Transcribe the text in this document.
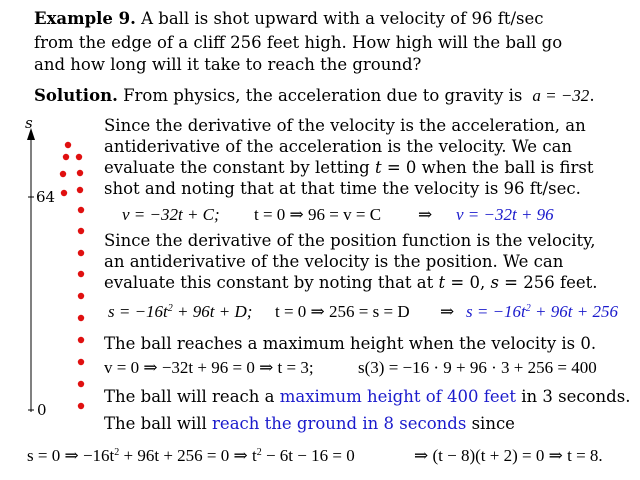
s
64
0
Example 9. A ball is shot upward with a velocity of 96 ft/sec
from the edge of a cliff 256 feet high. How high will the ball go
and how long will it take to reach the ground?
Solution. From physics, the acceleration due to gravity is a = −32.
Since the derivative of the velocity is the acceleration, an
antiderivative of the acceleration is the velocity. We can
evaluate the constant by letting t = 0 when the ball is first
shot and noting that at that time the velocity is 96 ft/sec.
v = −32t + C; t = 0 ⇒ 96 = v = C ⇒ v = −32t + 96
Since the derivative of the position function is the velocity,
an antiderivative of the velocity is the position. We can
evaluate this constant by noting that at t = 0, s = 256 feet.
$s = -16t^2 + 96t + D$; t = 0 ⇒ 256 = s = D ⇒ $s = -16t^2 + 96t + 256$
The ball reaches a maximum height when the velocity is 0.
v = 0 ⇒ −32t + 96 = 0 ⇒ t = 3;	s(3) = −16 · 9 + 96 · 3 + 256 = 400
The ball will reach a maximum height of 400 feet in 3 seconds.
The ball will reach the ground in 8 seconds since
s = 0 ⇒ $-16t^2 + 96t + 256 = 0$ ⇒ $t^2 - 6t - 16 = 0$	⇒ (t − 8)(t + 2) = 0 ⇒ t = 8.
